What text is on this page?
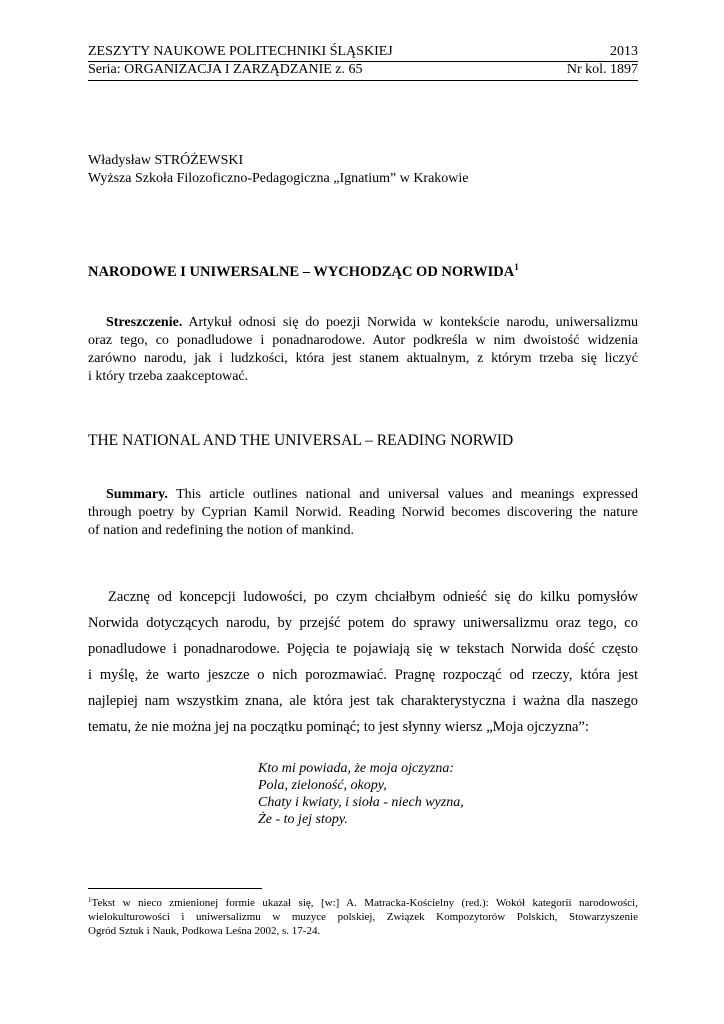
ZESZYTY NAUKOWE POLITECHNIKI ŚLĄSKIEJ	2013
Seria: ORGANIZACJA I ZARZĄDZANIE z. 65	Nr kol. 1897
Władysław STRÓŻEWSKI
Wyższa Szkoła Filozoficzno-Pedagogiczna „Ignatium” w Krakowie
NARODOWE I UNIWERSALNE – WYCHODZĄC OD NORWIDA$^1$
Streszczenie. Artykuł odnosi się do poezji Norwida w kontekście narodu, uniwersalizmu
oraz tego, co ponadludowe i ponadnarodowe. Autor podkreśla w nim dwoistość widzenia
zarówno narodu, jak i ludzkości, która jest stanem aktualnym, z którym trzeba się liczyć
i który trzeba zaakceptować.
THE NATIONAL AND THE UNIVERSAL – READING NORWID
Summary. This article outlines national and universal values and meanings expressed
through poetry by Cyprian Kamil Norwid. Reading Norwid becomes discovering the nature
of nation and redefining the notion of mankind.
Zacznę od koncepcji ludowości, po czym chciałbym odnieść się do kilku pomysłów
Norwida dotyczących narodu, by przejść potem do sprawy uniwersalizmu oraz tego, co
ponadludowe i ponadnarodowe. Pojęcia te pojawiają się w tekstach Norwida dość często
i myślę, że warto jeszcze o nich porozmawiać. Pragnę rozpocząć od rzeczy, która jest
najlepiej nam wszystkim znana, ale która jest tak charakterystyczna i ważna dla naszego
tematu, że nie można jej na początku pominąć; to jest słynny wiersz „Moja ojczyzna”:
Kto mi powiada, że moja ojczyzna:
Pola, zieloność, okopy,
Chaty i kwiaty, i sioła - niech wyzna,
Że - to jej stopy.
$^1$Tekst w nieco zmienionej formie ukazał się, [w:] A. Matracka-Kościelny (red.): Wokół kategorii narodowości,
wielokulturowości i uniwersalizmu w muzyce polskiej, Związek Kompozytorów Polskich, Stowarzyszenie
Ogród Sztuk i Nauk, Podkowa Leśna 2002, s. 17-24.
